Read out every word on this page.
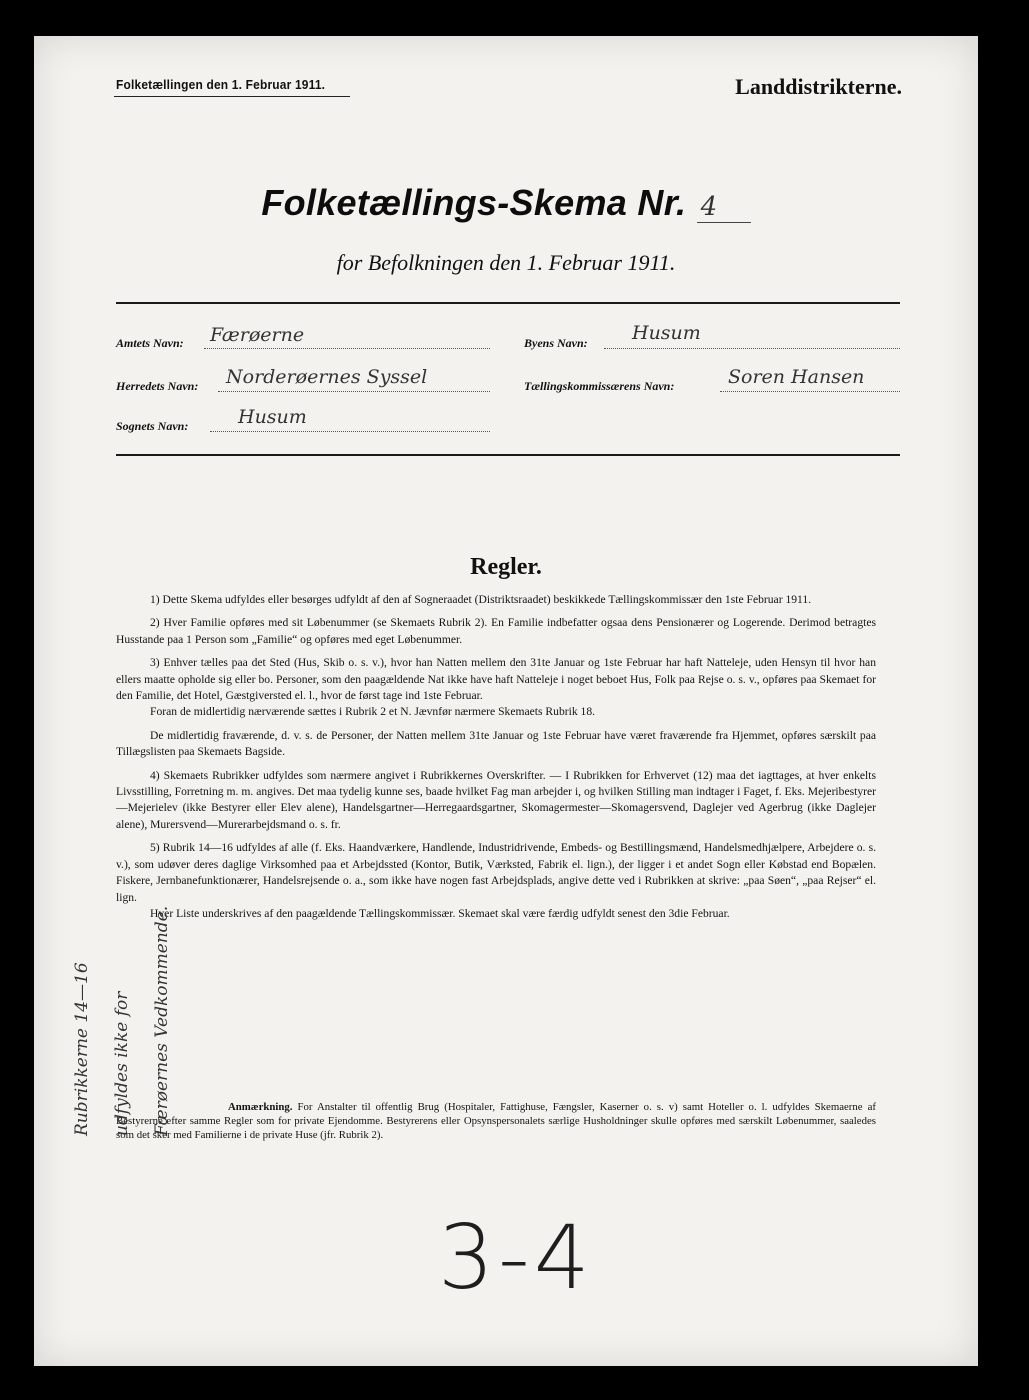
Folketællingen den 1. Februar 1911.	Landdistrikterne.
Folketællings-Skema Nr. 4
for Befolkningen den 1. Februar 1911.
Amtets Navn: Færøerne	Byens Navn: Husum
Herredets Navn: Norderøernes Syssel	Tællingskommissærens Navn:	Soren Hansen
Sognets Navn:	Husum
Regler.

1) Dette Skema udfyldes eller besørges udfyldt af den af Sogneraadet (Distriktsraadet) beskikkede Tællingskommissær den 1ste Februar 1911.

2) Hver Familie opføres med sit Løbenummer (se Skemaets Rubrik 2). En Familie indbefatter ogsaa dens Pensionærer og Logerende. Derimod betragtes Husstande paa 1 Person som „Familie“ og opføres med eget Løbenummer.

3) Enhver tælles paa det Sted (Hus, Skib o. s. v.), hvor han Natten mellem den 31te Januar og 1ste Februar har haft Natteleje, uden Hensyn til hvor han ellers maatte opholde sig eller bo. Personer, som den paagældende Nat ikke have haft Natteleje i noget beboet Hus, Folk paa Rejse o. s. v., opføres paa Skemaet for den Familie, det Hotel, Gæstgiversted el. l., hvor de først tage ind 1ste Februar.

Foran de midlertidig nærværende sættes i Rubrik 2 et N. Jævnfør nærmere Skemaets Rubrik 18.

De midlertidig fraværende, d. v. s. de Personer, der Natten mellem 31te Januar og 1ste Februar have været fraværende fra Hjemmet, opføres særskilt paa Tillægslisten paa Skemaets Bagside.

4) Skemaets Rubrikker udfyldes som nærmere angivet i Rubrikkernes Overskrifter. — I Rubrikken for Erhvervet (12) maa det iagttages, at hver enkelts Livsstilling, Forretning m. m. angives. Det maa tydelig kunne ses, baade hvilket Fag man arbejder i, og hvilken Stilling man indtager i Faget, f. Eks. Mejeribestyrer—Mejerielev (ikke Bestyrer eller Elev alene), Handelsgartner—Herregaardsgartner, Skomagermester—Skomagersvend, Daglejer ved Agerbrug (ikke Daglejer alene), Murersvend—Murerarbejdsmand o. s. fr.

5) Rubrik 14—16 udfyldes af alle (f. Eks. Haandværkere, Handlende, Industridrivende, Embeds- og Bestillingsmænd, Handelsmedhjælpere, Arbejdere o. s. v.), som udøver deres daglige Virksomhed paa et Arbejdssted (Kontor, Butik, Værksted, Fabrik el. lign.), der ligger i et andet Sogn eller Købstad end Bopælen. Fiskere, Jernbanefunktionærer, Handelsrejsende o. a., som ikke have nogen fast Arbejdsplads, angive dette ved i Rubrikken at skrive: „paa Søen“, „paa Rejser“ el. lign.

Hver Liste underskrives af den paagældende Tællingskommissær. Skemaet skal være færdig udfyldt senest den 3die Februar.

Anmærkning. For Anstalter til offentlig Brug (Hospitaler, Fattighuse, Fængsler, Kaserner o. s. v) samt Hoteller o. l. udfyldes Skemaerne af Bestyrerne efter samme Regler som for private Ejendomme. Bestyrerens eller Opsynspersonalets særlige Husholdninger skulle opføres med særskilt Løbenummer, saaledes som det sker med Familierne i de private Huse (jfr. Rubrik 2).

Rubrikkerne 14—16	udfyldes ikke for	Færøernes Vedkommende.
3-4
